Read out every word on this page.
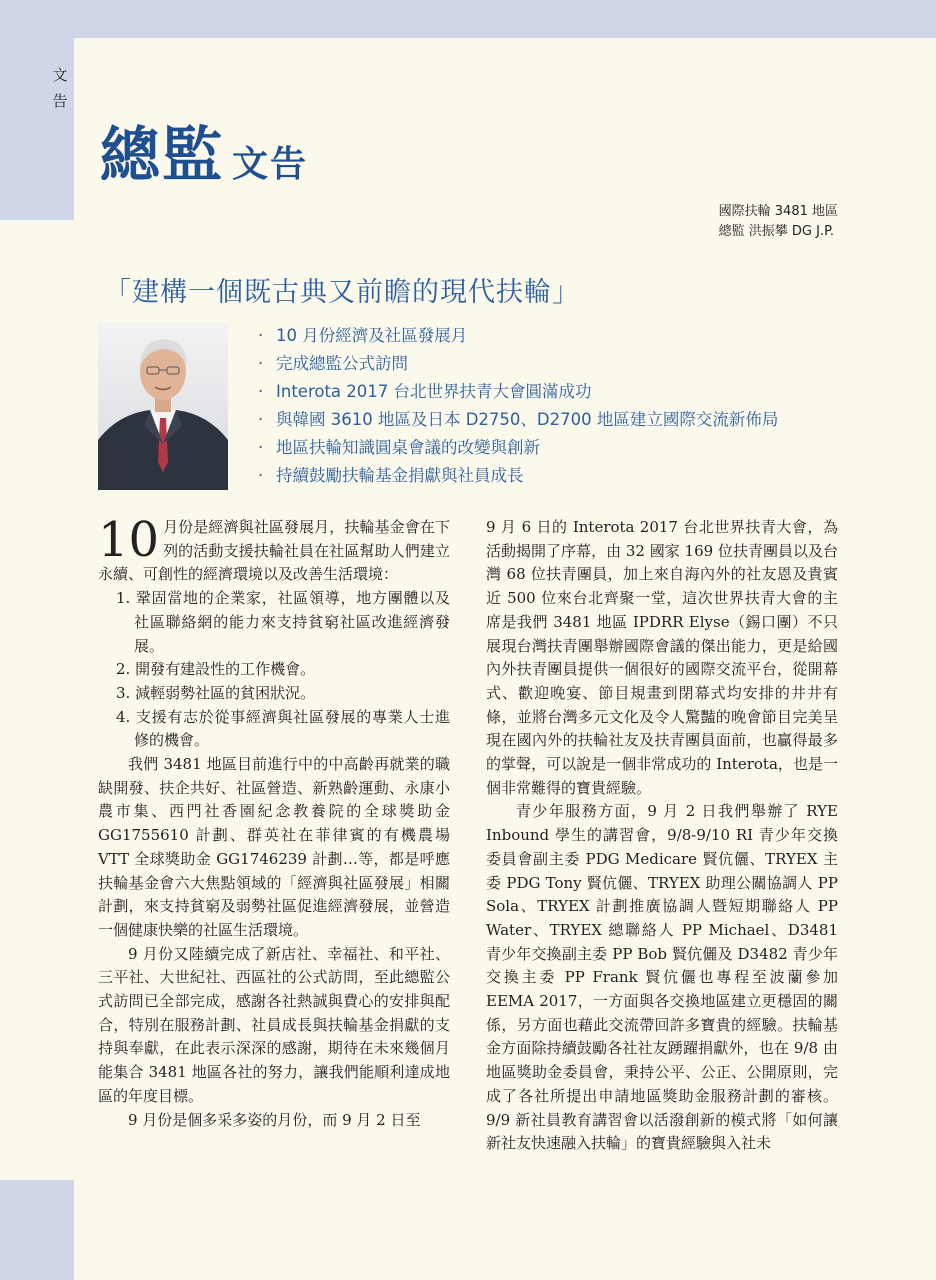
文
告
總監 文告
國際扶輪 3481 地區
總監 洪振攀 DG J.P.
「建構一個既古典又前瞻的現代扶輪」
· 10 月份經濟及社區發展月
· 完成總監公式訪問
· Interota 2017 台北世界扶青大會圓滿成功
· 與韓國 3610 地區及日本 D2750、D2700 地區建立國際交流新佈局
· 地區扶輪知識圓桌會議的改變與創新
· 持續鼓勵扶輪基金捐獻與社員成長

10 月份是經濟與社區發展月，扶輪基金會在下列的活動支援扶輪社員在社區幫助人們建立永續、可創性的經濟環境以及改善生活環境：

1. 鞏固當地的企業家，社區領導，地方團體以及社區聯絡網的能力來支持貧窮社區改進經濟發展。
2. 開發有建設性的工作機會。
3. 減輕弱勢社區的貧困狀況。
4. 支援有志於從事經濟與社區發展的專業人士進修的機會。

我們 3481 地區目前進行中的中高齡再就業的職缺開發、扶企共好、社區營造、新熟齡運動、永康小農市集、西門社香園紀念教養院的全球獎助金 GG1755610 計劃、群英社在菲律賓的有機農場 VTT 全球獎助金 GG1746239 計劃…等，都是呼應扶輪基金會六大焦點領域的「經濟與社區發展」相關計劃，來支持貧窮及弱勢社區促進經濟發展，並營造一個健康快樂的社區生活環境。

9 月份又陸續完成了新店社、幸福社、和平社、三平社、大世紀社、西區社的公式訪問，至此總監公式訪問已全部完成，感謝各社熱誠與費心的安排與配合，特別在服務計劃、社員成長與扶輪基金捐獻的支持與奉獻，在此表示深深的感謝，期待在未來幾個月能集合 3481 地區各社的努力，讓我們能順利達成地區的年度目標。

9 月份是個多采多姿的月份，而 9 月 2 日至

9 月 6 日的 Interota 2017 台北世界扶青大會，為活動揭開了序幕，由 32 國家 169 位扶青團員以及台灣 68 位扶青團員，加上來自海內外的社友恩及貴賓近 500 位來台北齊聚一堂，這次世界扶青大會的主席是我們 3481 地區 IPDRR Elyse（錫口團）不只展現台灣扶青團舉辦國際會議的傑出能力，更是給國內外扶青團員提供一個很好的國際交流平台，從開幕式、歡迎晚宴、節目規畫到閉幕式均安排的井井有條，並將台灣多元文化及令人驚豔的晚會節目完美呈現在國內外的扶輪社友及扶青團員面前，也贏得最多的掌聲，可以說是一個非常成功的 Interota，也是一個非常難得的寶貴經驗。

青少年服務方面，9 月 2 日我們舉辦了 RYE Inbound 學生的講習會，9/8-9/10 RI 青少年交換委員會副主委 PDG Medicare 賢伉儷、TRYEX 主委 PDG Tony 賢伉儷、TRYEX 助理公關協調人 PP Sola、TRYEX 計劃推廣協調人暨短期聯絡人 PP Water、TRYEX 總聯絡人 PP Michael、D3481 青少年交換副主委 PP Bob 賢伉儷及 D3482 青少年交換主委 PP Frank 賢伉儷也專程至波蘭參加 EEMA 2017，一方面與各交換地區建立更穩固的關係，另方面也藉此交流帶回許多寶貴的經驗。扶輪基金方面除持續鼓勵各社社友踴躍捐獻外，也在 9/8 由地區獎助金委員會，秉持公平、公正、公開原則，完成了各社所提出申請地區獎助金服務計劃的審核。9/9 新社員教育講習會以活潑創新的模式將「如何讓新社友快速融入扶輪」的寶貴經驗與入社未
